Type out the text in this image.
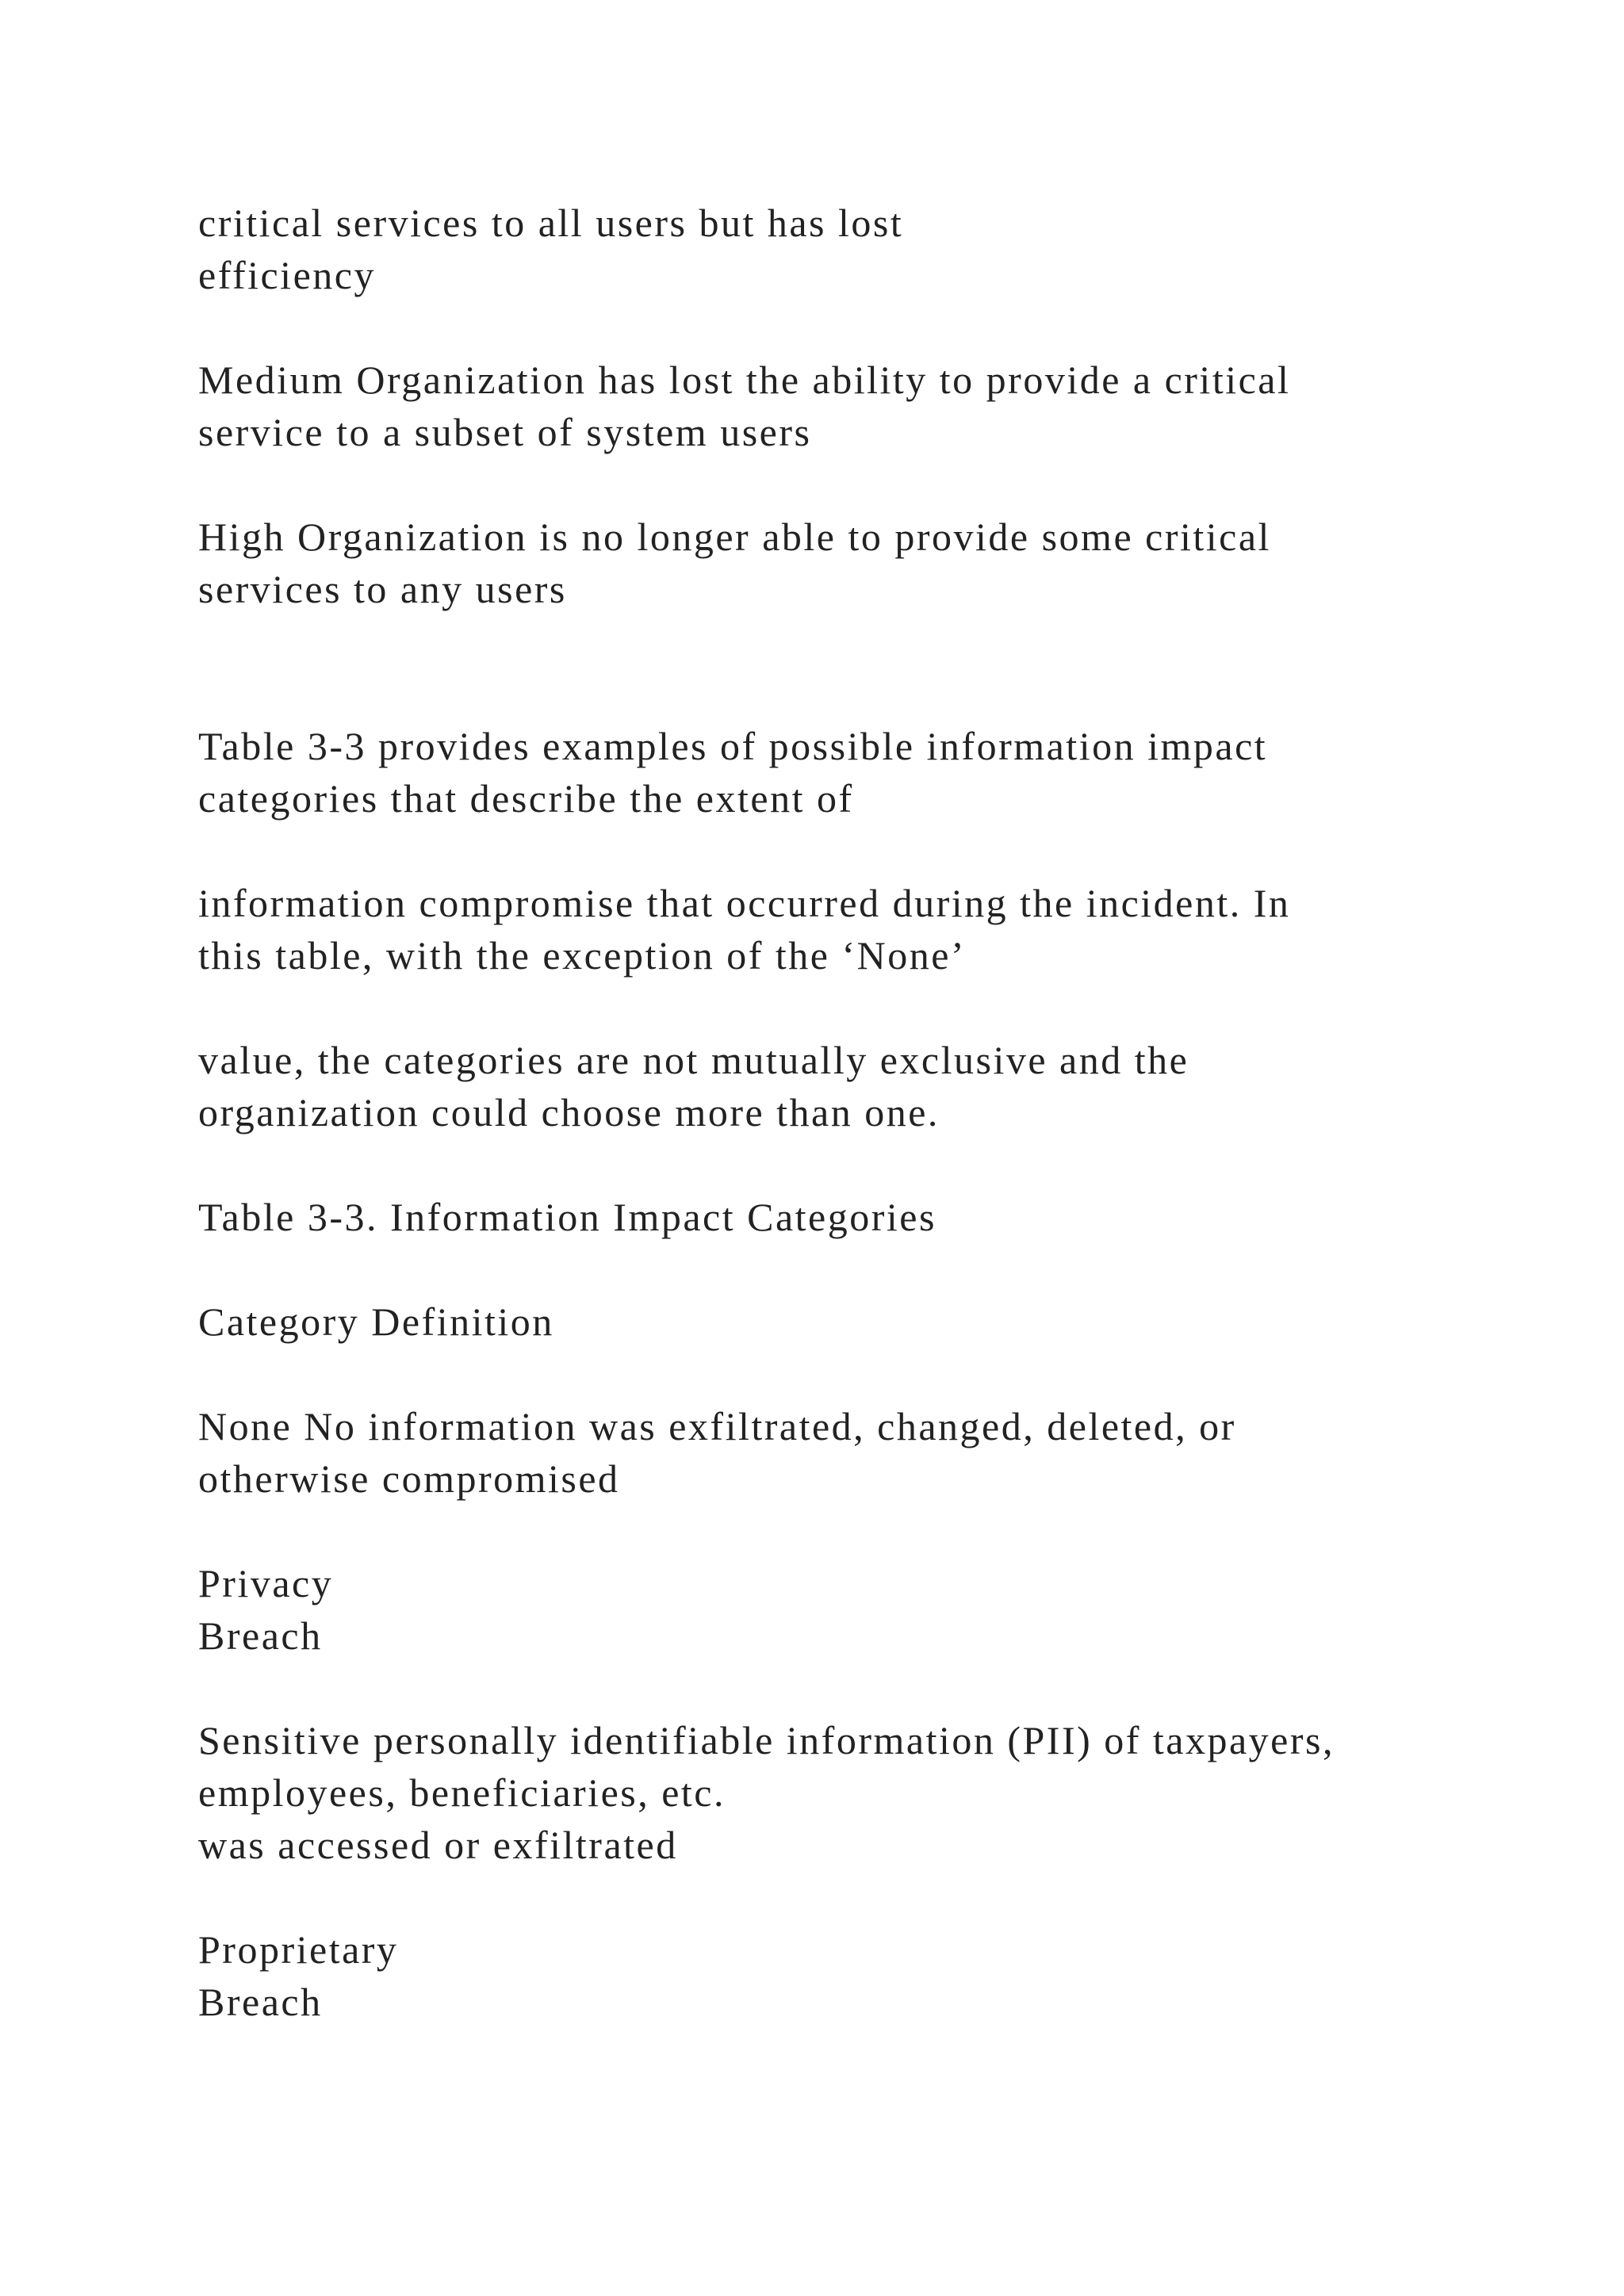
critical services to all users but has lost

efficiency

Medium Organization has lost the ability to provide a critical

service to a subset of system users

High Organization is no longer able to provide some critical

services to any users

Table 3-3 provides examples of possible information impact

categories that describe the extent of

information compromise that occurred during the incident. In

this table, with the exception of the ‘None’

value, the categories are not mutually exclusive and the

organization could choose more than one.

Table 3-3. Information Impact Categories

Category Definition

None No information was exfiltrated, changed, deleted, or

otherwise compromised

Privacy

Breach

Sensitive personally identifiable information (PII) of taxpayers,

employees, beneficiaries, etc.

was accessed or exfiltrated

Proprietary

Breach
